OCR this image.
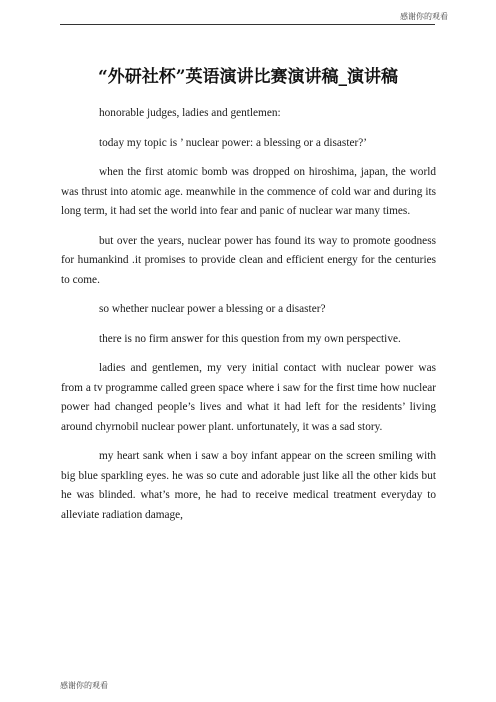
感谢你的观看
“外研社杯”英语演讲比赛演讲稿_演讲稿

honorable judges, ladies and gentlemen:

today my topic is ’ nuclear power: a blessing or a disaster?’

when the first atomic bomb was dropped on hiroshima, japan, the world was thrust into atomic age. meanwhile in the commence of cold war and during its long term, it had set the world into fear and panic of nuclear war many times.

but over the years, nuclear power has found its way to promote goodness for humankind .it promises to provide clean and efficient energy for the centuries to come.

so whether nuclear power a blessing or a disaster?

there is no firm answer for this question from my own perspective.

ladies and gentlemen, my very initial contact with nuclear power was from a tv programme called green space where i saw for the first time how nuclear power had changed people’s lives and what it had left for the residents’ living around chyrnobil nuclear power plant. unfortunately, it was a sad story.

my heart sank when i saw a boy infant appear on the screen smiling with big blue sparkling eyes. he was so cute and adorable just like all the other kids but he was blinded. what’s more, he had to receive medical treatment everyday to alleviate radiation damage,

感谢你的观看
